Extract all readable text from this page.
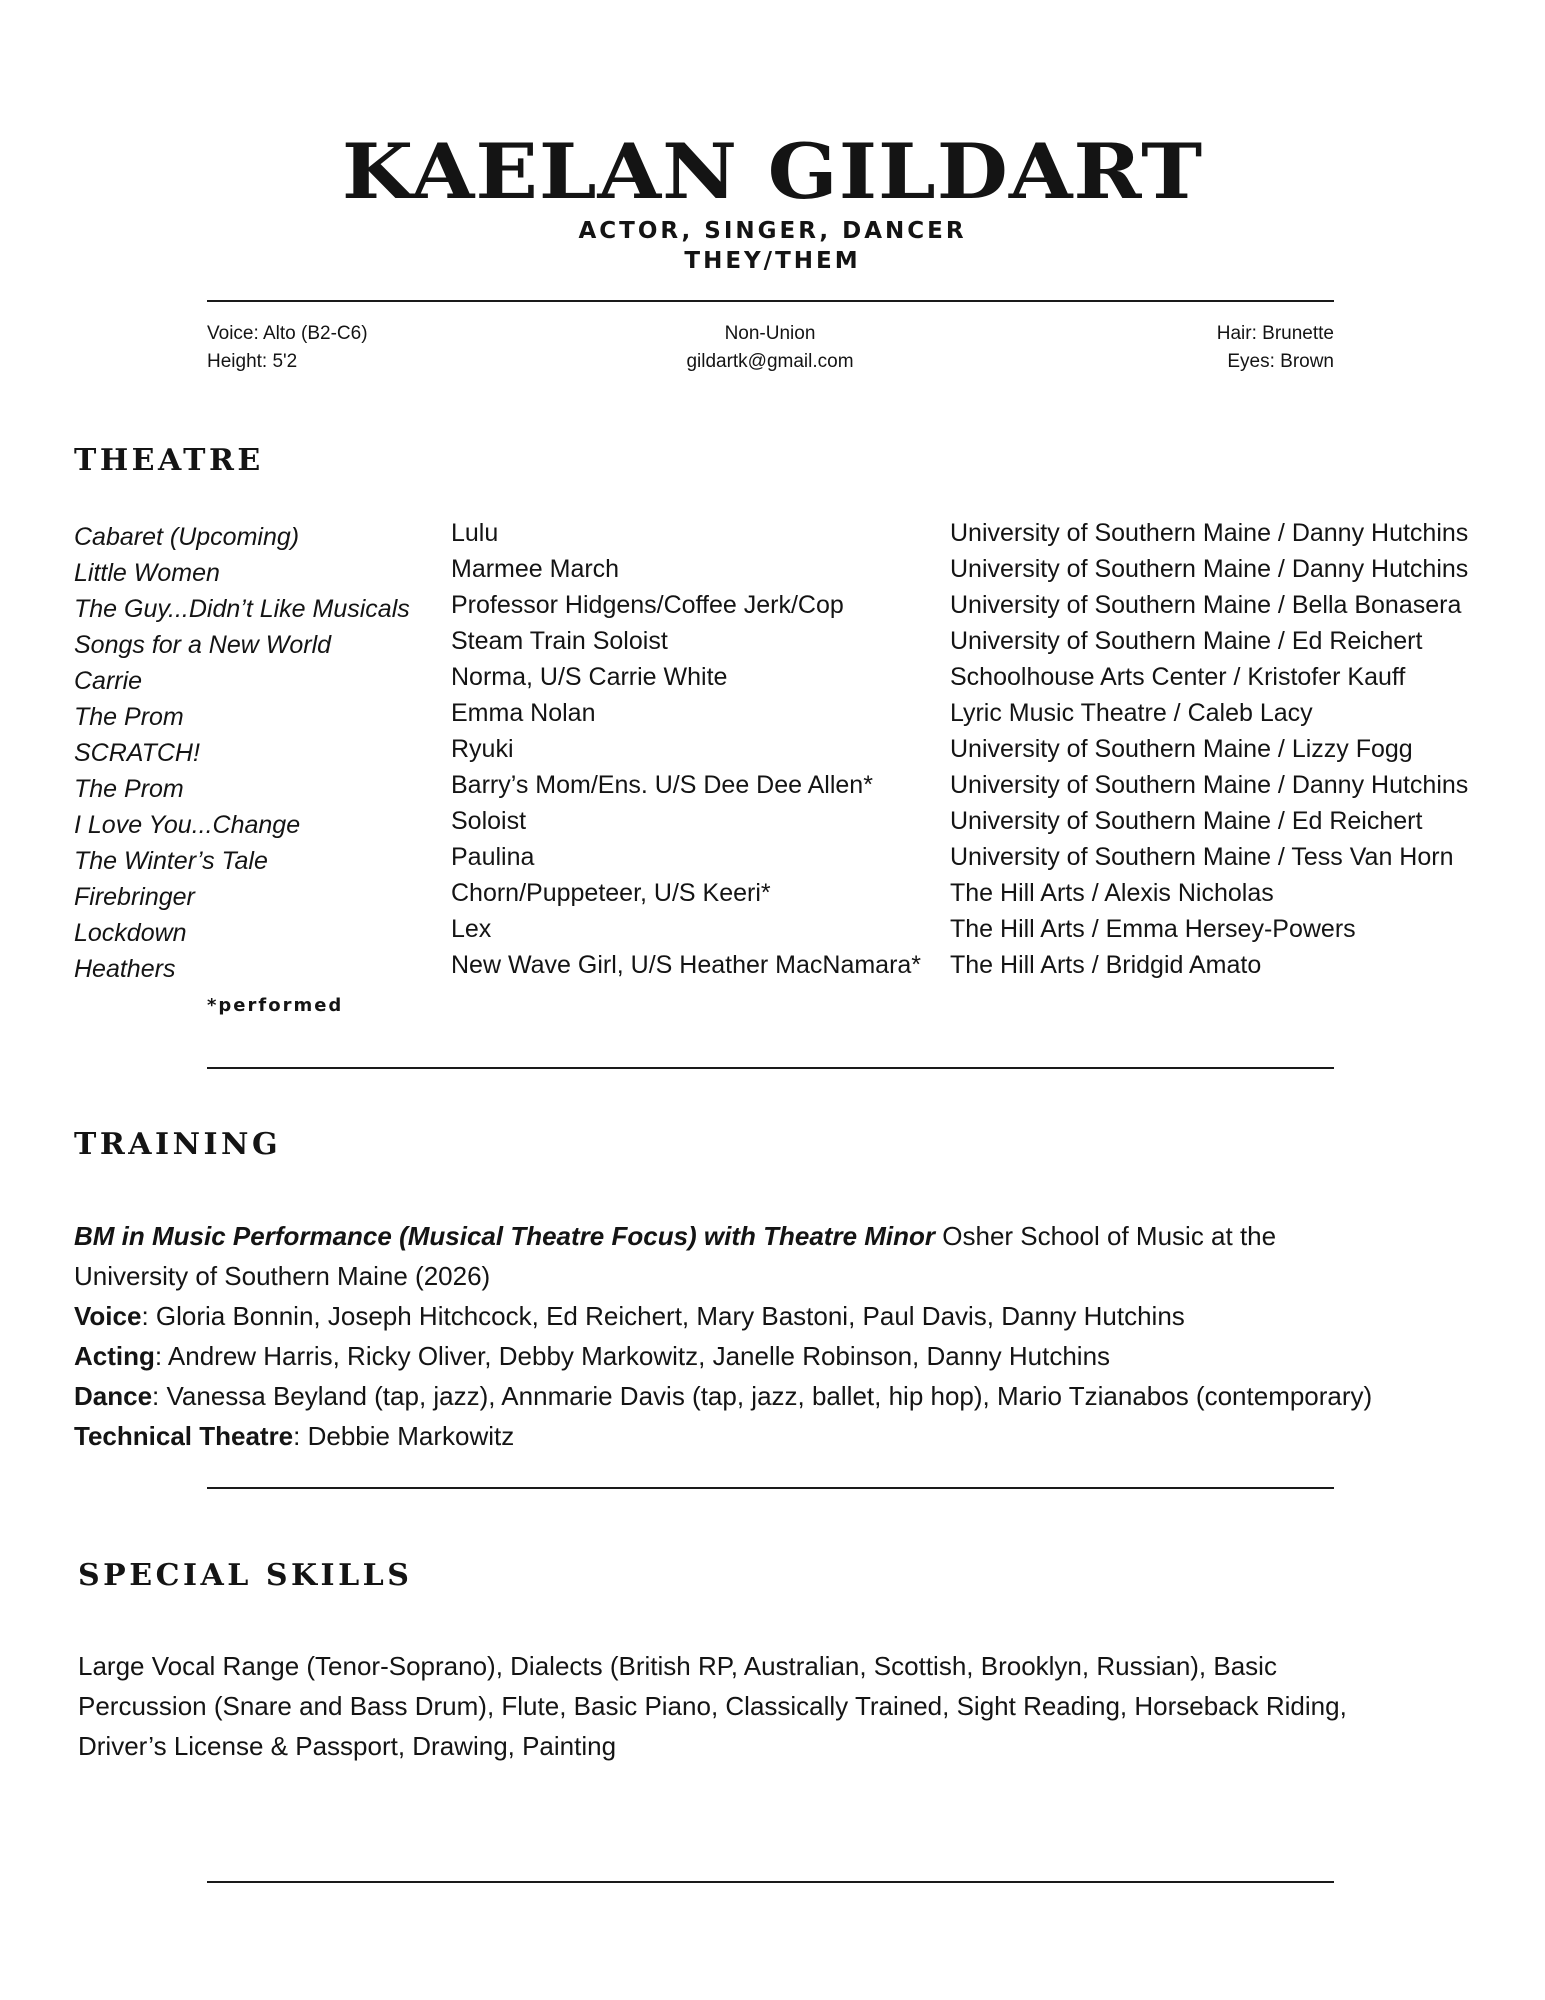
KAELAN GILDART
ACTOR, SINGER, DANCER
THEY/THEM
Voice: Alto (B2-C6)
Height: 5'2
Non-Union
gildartk@gmail.com
Hair: Brunette
Eyes: Brown
THEATRE
Cabaret (Upcoming)
Little Women
The Guy...Didn’t Like Musicals
Songs for a New World
Carrie
The Prom
SCRATCH!
The Prom
I Love You...Change
The Winter’s Tale
Firebringer
Lockdown
Heathers
Lulu
Marmee March
Professor Hidgens/Coffee Jerk/Cop
Steam Train Soloist
Norma, U/S Carrie White
Emma Nolan
Ryuki
Barry’s Mom/Ens. U/S Dee Dee Allen*
Soloist
Paulina
Chorn/Puppeteer, U/S Keeri*
Lex
New Wave Girl, U/S Heather MacNamara*
University of Southern Maine / Danny Hutchins
University of Southern Maine / Danny Hutchins
University of Southern Maine / Bella Bonasera
University of Southern Maine / Ed Reichert
Schoolhouse Arts Center / Kristofer Kauff
Lyric Music Theatre / Caleb Lacy
University of Southern Maine / Lizzy Fogg
University of Southern Maine / Danny Hutchins
University of Southern Maine / Ed Reichert
University of Southern Maine / Tess Van Horn
The Hill Arts / Alexis Nicholas
The Hill Arts / Emma Hersey-Powers
The Hill Arts / Bridgid Amato
*performed
TRAINING

BM in Music Performance (Musical Theatre Focus) with Theatre Minor Osher School of Music at the University of Southern Maine (2026)

Voice: Gloria Bonnin, Joseph Hitchcock, Ed Reichert, Mary Bastoni, Paul Davis, Danny Hutchins

Acting: Andrew Harris, Ricky Oliver, Debby Markowitz, Janelle Robinson, Danny Hutchins

Dance: Vanessa Beyland (tap, jazz), Annmarie Davis (tap, jazz, ballet, hip hop), Mario Tzianabos (contemporary)

Technical Theatre: Debbie Markowitz

SPECIAL SKILLS
Large Vocal Range (Tenor-Soprano), Dialects (British RP, Australian, Scottish, Brooklyn, Russian), Basic Percussion (Snare and Bass Drum), Flute, Basic Piano, Classically Trained, Sight Reading, Horseback Riding, Driver’s License & Passport, Drawing, Painting
